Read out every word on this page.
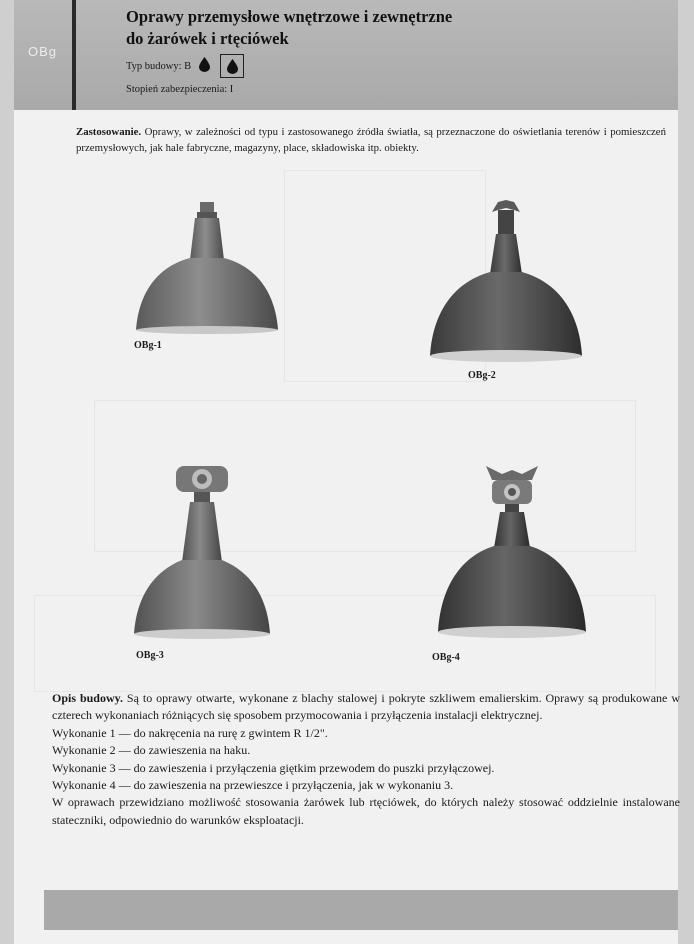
OBg
Oprawy przemysłowe wnętrzowe i zewnętrzne
do żarówek i rtęciówek
Typ budowy: B
Stopień zabezpieczenia: I
Zastosowanie. Oprawy, w zależności od typu i zastosowanego źródła światła, są przeznaczone do oświetlania terenów i pomieszczeń przemysłowych, jak hale fabryczne, magazyny, place, składowiska itp. obiekty.
OBg-1
OBg-2
OBg-3	OBg-4

Opis budowy. Są to oprawy otwarte, wykonane z blachy stalowej i pokryte szkliwem emalierskim. Oprawy są produkowane w czterech wykonaniach różniących się sposobem przymocowania i przyłączenia instalacji elektrycznej.

Wykonanie 1 — do nakręcenia na rurę z gwintem R 1/2".

Wykonanie 2 — do zawieszenia na haku.

Wykonanie 3 — do zawieszenia i przyłączenia giętkim przewodem do puszki przyłączowej.

Wykonanie 4 — do zawieszenia na przewieszce i przyłączenia, jak w wykonaniu 3.

W oprawach przewidziano możliwość stosowania żarówek lub rtęciówek, do których należy stosować oddzielnie instalowane stateczniki, odpowiednio do warunków eksploatacji.
